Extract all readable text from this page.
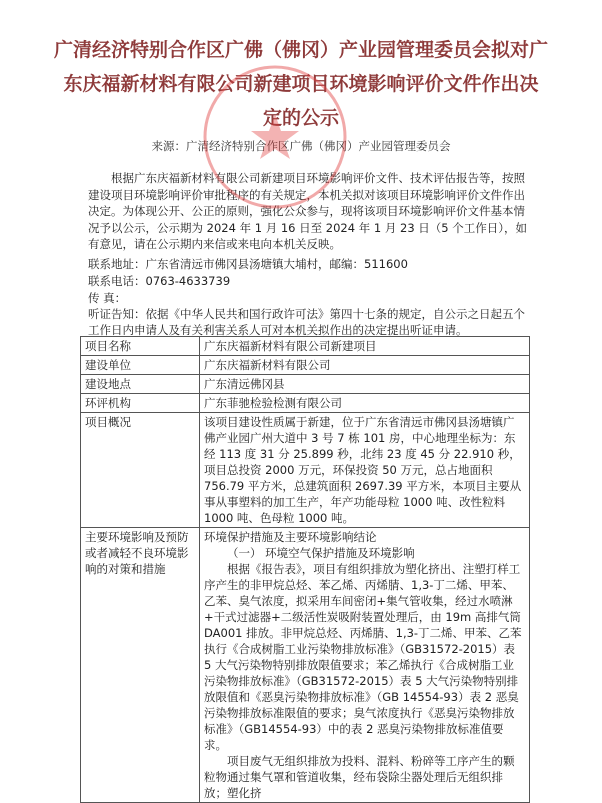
广清经济特别合作区广佛（佛冈）产业园管理委员会拟对广
东庆福新材料有限公司新建项目环境影响评价文件作出决
定的公示
来源：广清经济特别合作区广佛（佛冈）产业园管理委员会

根据广东庆福新材料有限公司新建项目环境影响评价文件、技术评估报告等，按照建设项目环境影响评价审批程序的有关规定，本机关拟对该项目环境影响评价文件作出决定。为体现公开、公正的原则，强化公众参与，现将该项目环境影响评价文件基本情况予以公示，公示期为 2024 年 1 月 16 日至 2024 年 1 月 23 日（5 个工作日），如有意见，请在公示期内来信或来电向本机关反映。

联系地址：广东省清远市佛冈县汤塘镇大埔村，邮编：511600
联系电话：0763-4633739
传 真：
听证告知：依据《中华人民共和国行政许可法》第四十七条的规定，自公示之日起五个工作日内申请人及有关利害关系人可对本机关拟作出的决定提出听证申请。
项目名称	广东庆福新材料有限公司新建项目
建设单位	广东庆福新材料有限公司
建设地点	广东清远佛冈县
环评机构	广东菲驰检验检测有限公司
项目概况	该项目建设性质属于新建，位于广东省清远市佛冈县汤塘镇广佛产业园广州大道中 3 号 7 栋 101 房，中心地理坐标为：东经 113 度 31 分 25.899 秒，北纬 23 度 45 分 22.910 秒，项目总投资 2000 万元，环保投资 50 万元，总占地面积 756.79 平方米，总建筑面积 2697.39 平方米，本项目主要从事从事塑料的加工生产，年产功能母粒 1000 吨、改性粒料 1000 吨、色母粒 1000 吨。
主要环境影响及预防或者减轻不良环境影响的对策和措施	环境保护措施及主要环境影响结论
（一） 环境空气保护措施及环境影响
根据《报告表》，项目有组织排放为塑化挤出、注塑打样工序产生的非甲烷总烃、苯乙烯、丙烯腈、1,3-丁二烯、甲苯、乙苯、臭气浓度，拟采用车间密闭+集气管收集，经过水喷淋+干式过滤器+二级活性炭吸附装置处理后，由 19m 高排气筒 DA001 排放。非甲烷总烃、丙烯腈、1,3-丁二烯、甲苯、乙苯执行《合成树脂工业污染物排放标准》（GB31572-2015）表 5 大气污染物特别排放限值要求；苯乙烯执行《合成树脂工业污染物排放标准》（GB31572-2015）表 5 大气污染物特别排放限值和《恶臭污染物排放标准》（GB 14554-93）表 2 恶臭污染物排放标准限值的要求；臭气浓度执行《恶臭污染物排放标准》（GB14554-93）中的表 2 恶臭污染物排放标准值要求。
项目废气无组织排放为投料、混料、粉碎等工序产生的颗粒物通过集气罩和管道收集，经布袋除尘器处理后无组织排放；塑化挤
